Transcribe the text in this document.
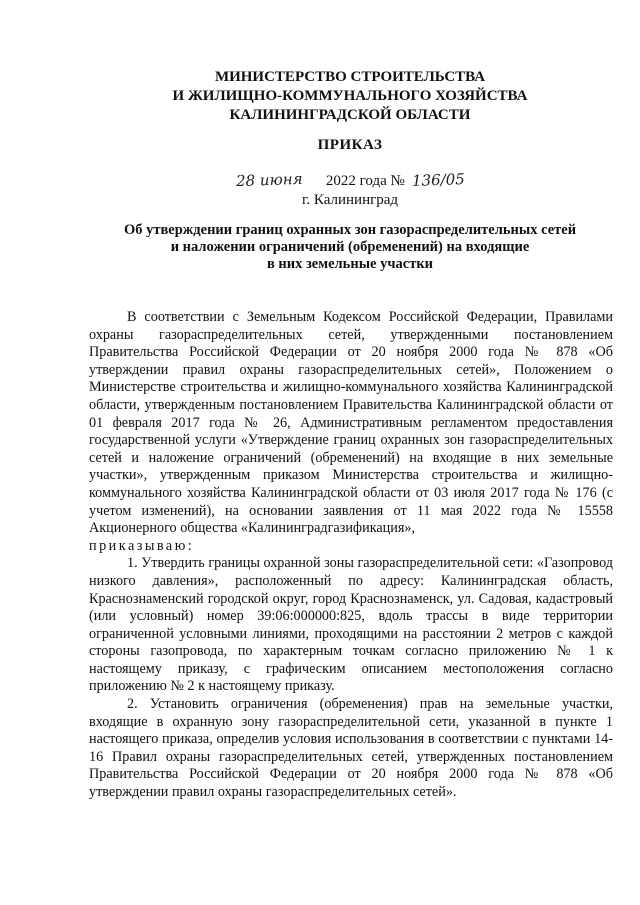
МИНИСТЕРСТВО СТРОИТЕЛЬСТВА
И ЖИЛИЩНО-КОММУНАЛЬНОГО ХОЗЯЙСТВА
КАЛИНИНГРАДСКОЙ ОБЛАСТИ
ПРИКАЗ
28 июня 2022 года № 136/05
г. Калининград
Об утверждении границ охранных зон газораспределительных сетей
и наложении ограничений (обременений) на входящие
в них земельные участки

В соответствии с Земельным Кодексом Российской Федерации, Правилами охраны газораспределительных сетей, утвержденными постановлением Правительства Российской Федерации от 20 ноября 2000 года № 878 «Об утверждении правил охраны газораспределительных сетей», Положением о Министерстве строительства и жилищно-коммунального хозяйства Калининградской области, утвержденным постановлением Правительства Калининградской области от 01 февраля 2017 года № 26, Административным регламентом предоставления государственной услуги «Утверждение границ охранных зон газораспределительных сетей и наложение ограничений (обременений) на входящие в них земельные участки», утвержденным приказом Министерства строительства и жилищно-коммунального хозяйства Калининградской области от 03 июля 2017 года № 176 (с учетом изменений), на основании заявления от 11 мая 2022 года № 15558 Акционерного общества «Калининградгазификация»,

приказываю:

1. Утвердить границы охранной зоны газораспределительной сети: «Газопровод низкого давления», расположенный по адресу: Калининградская область, Краснознаменский городской округ, город Краснознаменск, ул. Садовая, кадастровый (или условный) номер 39:06:000000:825, вдоль трассы в виде территории ограниченной условными линиями, проходящими на расстоянии 2 метров с каждой стороны газопровода, по характерным точкам согласно приложению № 1 к настоящему приказу, с графическим описанием местоположения согласно приложению № 2 к настоящему приказу.

2. Установить ограничения (обременения) прав на земельные участки, входящие в охранную зону газораспределительной сети, указанной в пункте 1 настоящего приказа, определив условия использования в соответствии с пунктами 14-16 Правил охраны газораспределительных сетей, утвержденных постановлением Правительства Российской Федерации от 20 ноября 2000 года № 878 «Об утверждении правил охраны газораспределительных сетей».
